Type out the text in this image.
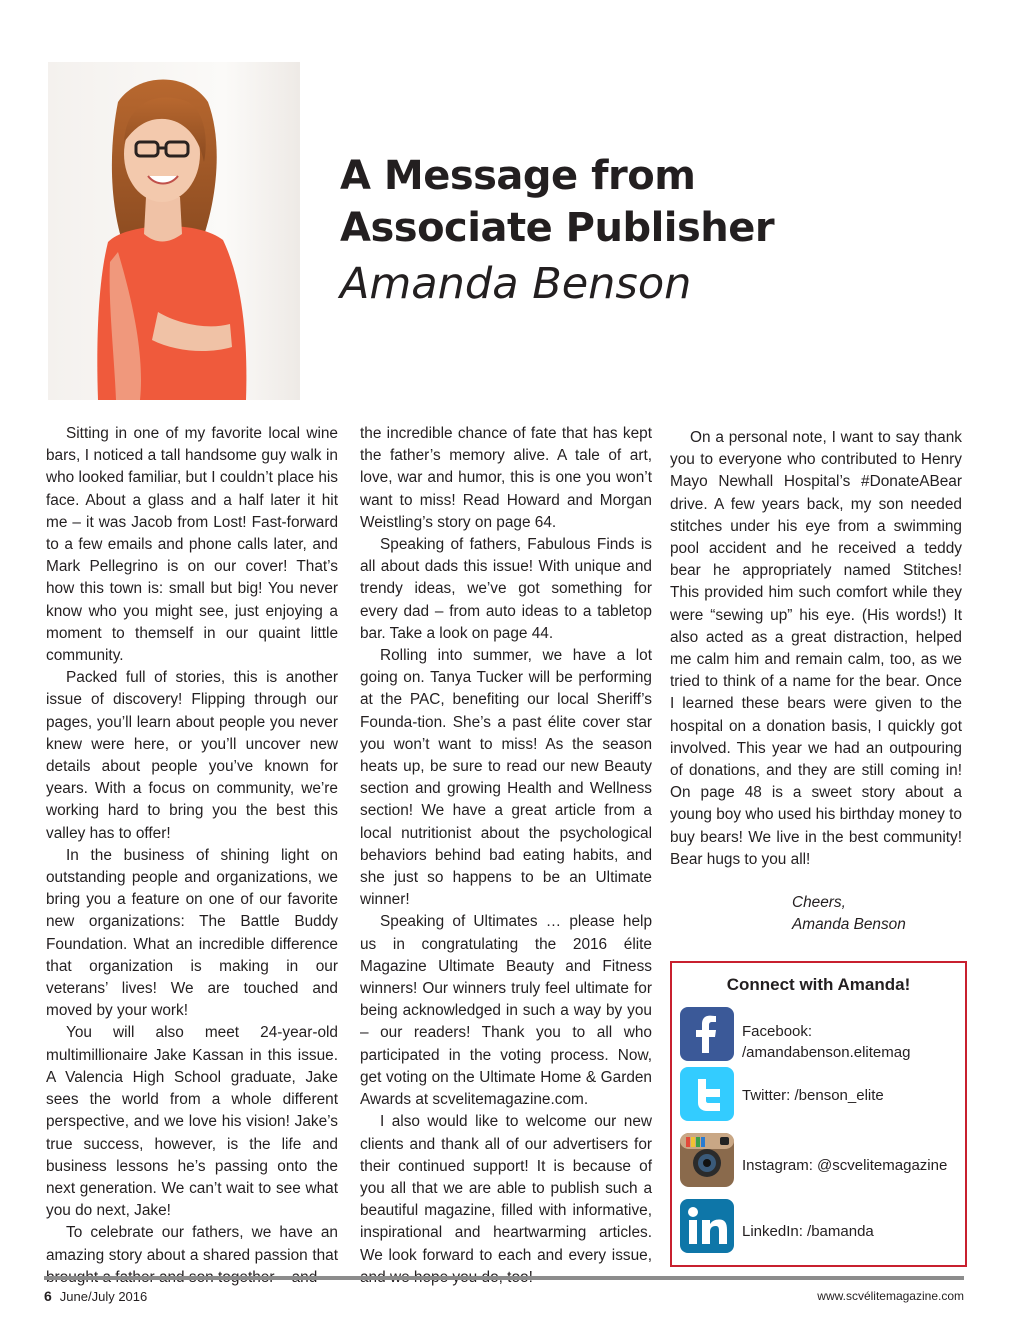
A Message from
Associate Publisher
Amanda Benson

Sitting in one of my favorite local wine bars, I noticed a tall handsome guy walk in who looked familiar, but I couldn’t place his face. About a glass and a half later it hit me – it was Jacob from Lost! Fast-forward to a few emails and phone calls later, and Mark Pellegrino is on our cover! That’s how this town is: small but big! You never know who you might see, just enjoying a moment to themself in our quaint little community.

Packed full of stories, this is another issue of discovery! Flipping through our pages, you’ll learn about people you never knew were here, or you’ll uncover new details about people you’ve known for years. With a focus on community, we’re working hard to bring you the best this valley has to offer!

In the business of shining light on outstanding people and organizations, we bring you a feature on one of our favorite new organizations: The Battle Buddy Foundation. What an incredible difference that organization is making in our veterans’ lives! We are touched and moved by your work!

You will also meet 24-year-old multimillionaire Jake Kassan in this issue. A Valencia High School graduate, Jake sees the world from a whole different perspective, and we love his vision! Jake’s true success, however, is the life and business lessons he’s passing onto the next generation. We can’t wait to see what you do next, Jake!

To celebrate our fathers, we have an amazing story about a shared passion that

the incredible chance of fate that has kept the father’s memory alive. A tale of art, love, war and humor, this is one you won’t want to miss! Read Howard and Morgan Weistling’s story on page 64.

Speaking of fathers, Fabulous Finds is all about dads this issue! With unique and trendy ideas, we’ve got something for every dad – from auto ideas to a tabletop bar. Take a look on page 44.

Rolling into summer, we have a lot going on. Tanya Tucker will be performing at the PAC, benefiting our local Sheriff’s Founda-tion. She’s a past élite cover star you won’t want to miss! As the season heats up, be sure to read our new Beauty section and growing Health and Wellness section! We have a great article from a local nutritionist about the psychological behaviors behind bad eating habits, and she just so happens to be an Ultimate winner!

Speaking of Ultimates … please help us in congratulating the 2016 élite Magazine Ultimate Beauty and Fitness winners! Our winners truly feel ultimate for being acknowledged in such a way by you – our readers! Thank you to all who participated in the voting process. Now, get voting on the Ultimate Home & Garden Awards at scvelitemagazine.com.

I also would like to welcome our new clients and thank all of our advertisers for their continued support! It is because of you all that we are able to publish such a beautiful magazine, filled with informative, inspirational and heartwarming articles. We look forward to each and every issue,

On a personal note, I want to say thank you to everyone who contributed to Henry Mayo Newhall Hospital’s #DonateABear drive. A few years back, my son needed stitches under his eye from a swimming pool accident and he received a teddy bear he appropriately named Stitches! This provided him such comfort while they were “sewing up” his eye. (His words!) It also acted as a great distraction, helped me calm him and remain calm, too, as we tried to think of a name for the bear. Once I learned these bears were given to the hospital on a donation basis, I quickly got involved. This year we had an outpouring of donations, and they are still coming in! On page 48 is a sweet story about a young boy who used his birthday money to buy bears! We live in the best community! Bear hugs to you all!

Cheers,
Amanda Benson
Connect with Amanda!
Facebook: /amandabenson.elitemag
Twitter: /benson_elite
Instagram: @scvelitemagazine
LinkedIn: /bamanda
6 June/July 2016	www.scvélitemagazine.com
